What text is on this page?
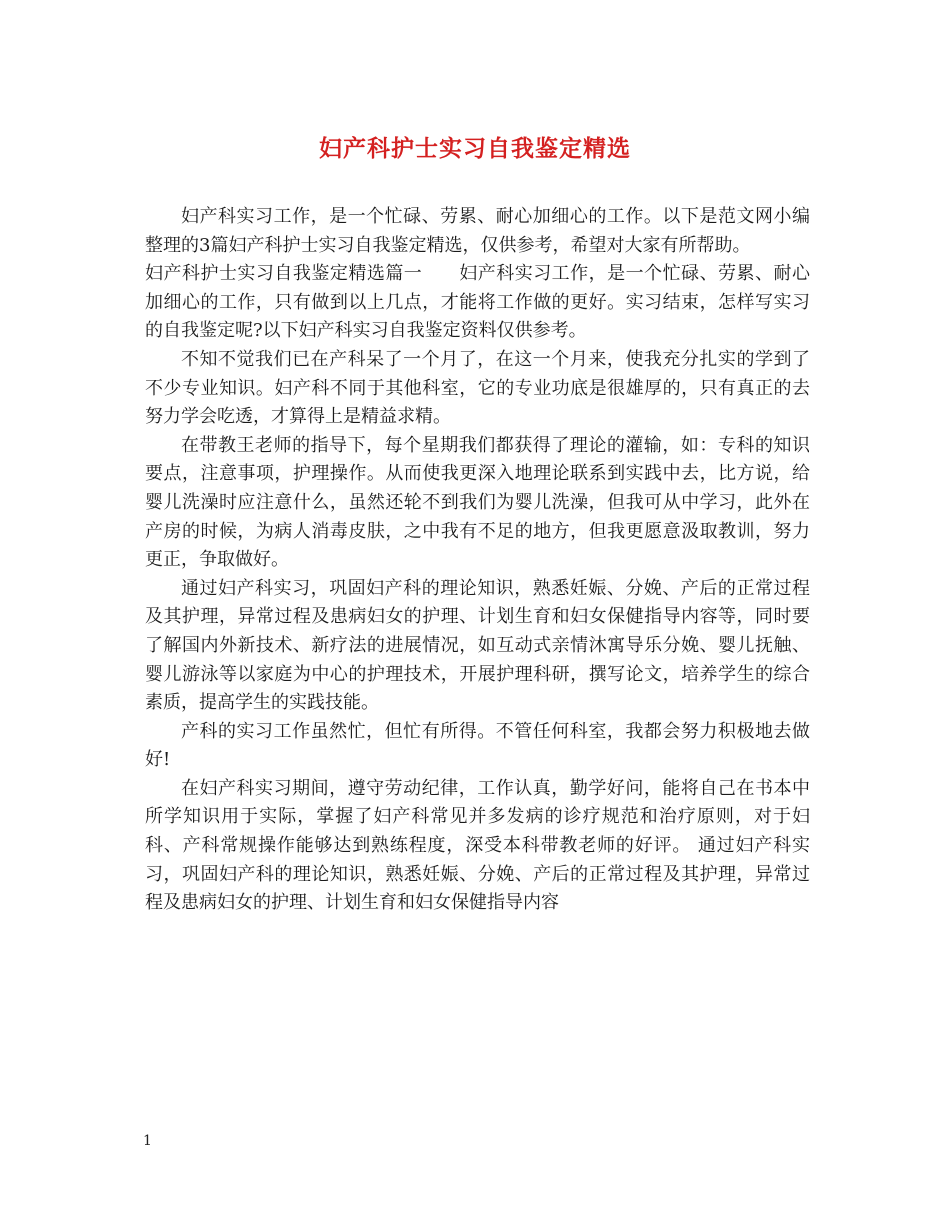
妇产科护士实习自我鉴定精选

妇产科实习工作，是一个忙碌、劳累、耐心加细心的工作。以下是范文网小编整理的3篇妇产科护士实习自我鉴定精选，仅供参考，希望对大家有所帮助。

妇产科护士实习自我鉴定精选篇一　　妇产科实习工作，是一个忙碌、劳累、耐心加细心的工作，只有做到以上几点，才能将工作做的更好。实习结束，怎样写实习的自我鉴定呢?以下妇产科实习自我鉴定资料仅供参考。

不知不觉我们已在产科呆了一个月了，在这一个月来，使我充分扎实的学到了不少专业知识。妇产科不同于其他科室，它的专业功底是很雄厚的，只有真正的去努力学会吃透，才算得上是精益求精。

在带教王老师的指导下，每个星期我们都获得了理论的灌输，如：专科的知识要点，注意事项，护理操作。从而使我更深入地理论联系到实践中去，比方说，给婴儿洗澡时应注意什么，虽然还轮不到我们为婴儿洗澡，但我可从中学习，此外在产房的时候，为病人消毒皮肤，之中我有不足的地方，但我更愿意汲取教训，努力更正，争取做好。

通过妇产科实习，巩固妇产科的理论知识，熟悉妊娠、分娩、产后的正常过程及其护理，异常过程及患病妇女的护理、计划生育和妇女保健指导内容等，同时要了解国内外新技术、新疗法的进展情况，如互动式亲情沐寓导乐分娩、婴儿抚触、婴儿游泳等以家庭为中心的护理技术，开展护理科研，撰写论文，培养学生的综合素质，提高学生的实践技能。

产科的实习工作虽然忙，但忙有所得。不管任何科室，我都会努力积极地去做好!

在妇产科实习期间，遵守劳动纪律，工作认真，勤学好问，能将自己在书本中所学知识用于实际，掌握了妇产科常见并多发病的诊疗规范和治疗原则，对于妇科、产科常规操作能够达到熟练程度，深受本科带教老师的好评。 通过妇产科实习，巩固妇产科的理论知识，熟悉妊娠、分娩、产后的正常过程及其护理，异常过程及患病妇女的护理、计划生育和妇女保健指导内容

1
